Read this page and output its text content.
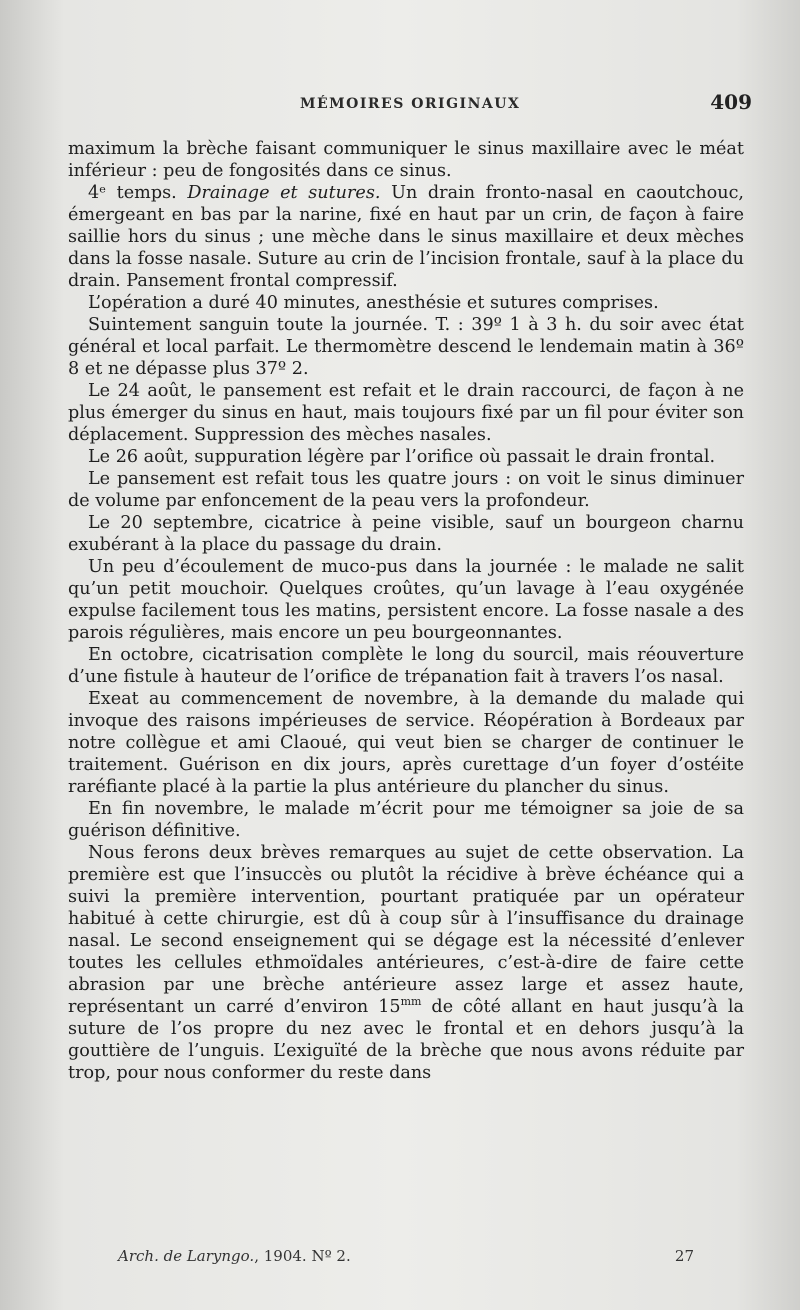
MÉMOIRES ORIGINAUX	409

maximum la brèche faisant communiquer le sinus maxillaire avec le méat inférieur : peu de fongosités dans ce sinus.

4ᵉ temps. Drainage et sutures. Un drain fronto-nasal en caoutchouc, émergeant en bas par la narine, fixé en haut par un crin, de façon à faire saillie hors du sinus ; une mèche dans le sinus maxillaire et deux mèches dans la fosse nasale. Suture au crin de l’incision frontale, sauf à la place du drain. Pansement frontal compressif.

L’opération a duré 40 minutes, anesthésie et sutures comprises.

Suintement sanguin toute la journée. T. : 39º 1 à 3 h. du soir avec état général et local parfait. Le thermomètre descend le lendemain matin à 36º 8 et ne dépasse plus 37º 2.

Le 24 août, le pansement est refait et le drain raccourci, de façon à ne plus émerger du sinus en haut, mais toujours fixé par un fil pour éviter son déplacement. Suppression des mèches nasales.

Le 26 août, suppuration légère par l’orifice où passait le drain frontal.

Le pansement est refait tous les quatre jours : on voit le sinus diminuer de volume par enfoncement de la peau vers la profondeur.

Le 20 septembre, cicatrice à peine visible, sauf un bourgeon charnu exubérant à la place du passage du drain.

Un peu d’écoulement de muco-pus dans la journée : le malade ne salit qu’un petit mouchoir. Quelques croûtes, qu’un lavage à l’eau oxygénée expulse facilement tous les matins, persistent encore. La fosse nasale a des parois régulières, mais encore un peu bourgeonnantes.

En octobre, cicatrisation complète le long du sourcil, mais réouverture d’une fistule à hauteur de l’orifice de trépanation fait à travers l’os nasal.

Exeat au commencement de novembre, à la demande du malade qui invoque des raisons impérieuses de service. Réopération à Bordeaux par notre collègue et ami Claoué, qui veut bien se charger de continuer le traitement. Guérison en dix jours, après curettage d’un foyer d’ostéite raréfiante placé à la partie la plus antérieure du plancher du sinus.

En fin novembre, le malade m’écrit pour me témoigner sa joie de sa guérison définitive.

Nous ferons deux brèves remarques au sujet de cette observation. La première est que l’insuccès ou plutôt la récidive à brève échéance qui a suivi la première intervention, pourtant pratiquée par un opérateur habitué à cette chirurgie, est dû à coup sûr à l’insuffisance du drainage nasal. Le second enseignement qui se dégage est la nécessité d’enlever toutes les cellules ethmoïdales antérieures, c’est-à-dire de faire cette abrasion par une brèche antérieure assez large et assez haute, représentant un carré d’environ $15^{mm}$ de côté allant en haut jusqu’à la suture de l’os propre du nez avec le frontal et en dehors jusqu’à la gouttière de l’unguis. L’exiguïté de la brèche que nous avons réduite par trop, pour nous conformer du reste dans

Arch. de Laryngo., 1904. Nº 2.	27
